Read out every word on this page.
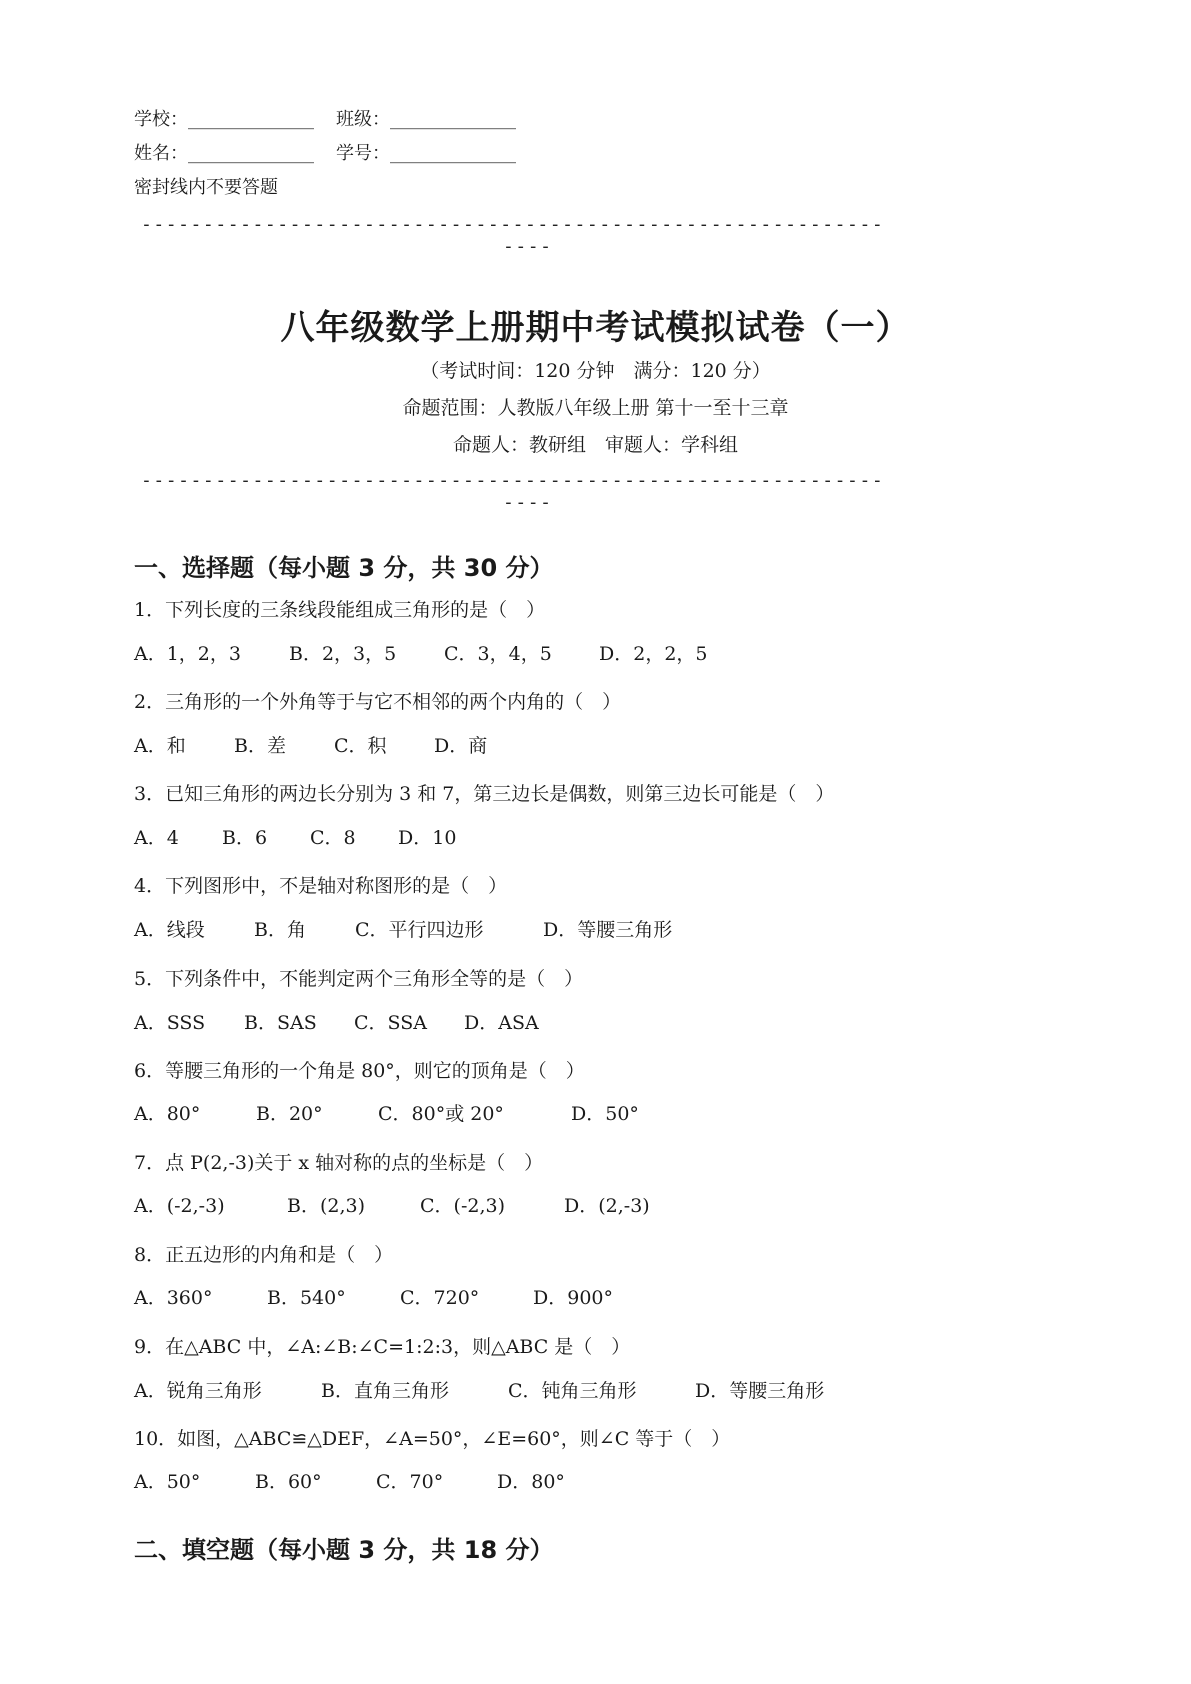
学校：______________ 班级：______________
姓名：______________ 学号：______________
密封线内不要答题
------------------------------------------------------------
----
八年级数学上册期中考试模拟试卷（一）
（考试时间：120 分钟　满分：120 分）
命题范围：人教版八年级上册 第十一至十三章
命题人：教研组　审题人：学科组
------------------------------------------------------------
----
一、选择题（每小题 3 分，共 30 分）
1．下列长度的三条线段能组成三角形的是（　）
A．1，2，3	B．2，3，5	C．3，4，5 D．2，2，5
2．三角形的一个外角等于与它不相邻的两个内角的（　）
A．和	B．差	C．积 D．商
3．已知三角形的两边长分别为 3 和 7，第三边长是偶数，则第三边长可能是（　）
A．4 B．6 C．8 D．10
4．下列图形中，不是轴对称图形的是（　）
A．线段	B．角	C．平行四边形	D．等腰三角形
5．下列条件中，不能判定两个三角形全等的是（　）
A．SSS B．SAS C．SSA D．ASA
6．等腰三角形的一个角是 80°，则它的顶角是（　）
A．80°	B．20°	C．80°或 20°	D．50°
7．点 P(2,-3)关于 x 轴对称的点的坐标是（　）
A．(-2,-3)	B．(2,3)	C．(-2,3)	D．(2,-3)
8．正五边形的内角和是（　）
A．360°	B．540°	C．720°	D．900°
9．在△ABC 中，∠A:∠B:∠C=1:2:3，则△ABC 是（　）
A．锐角三角形	B．直角三角形	C．钝角三角形	D．等腰三角形
10．如图，△ABC≌△DEF，∠A=50°，∠E=60°，则∠C 等于（　）
A．50°	B．60°	C．70°	D．80°
二、填空题（每小题 3 分，共 18 分）
